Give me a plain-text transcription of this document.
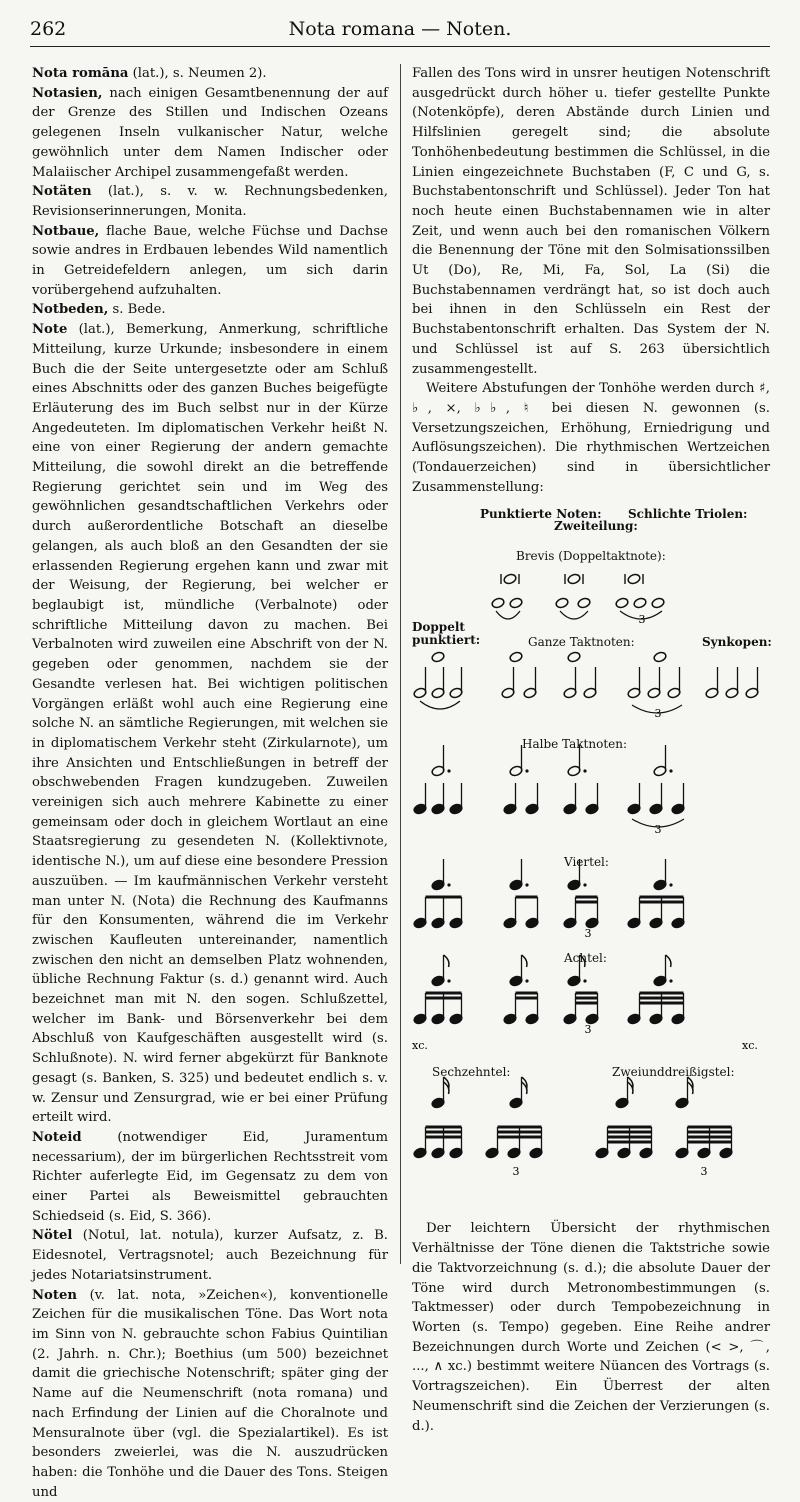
262	Nota romana — Noten.

Nota romāna (lat.), s. Neumen 2).

Notasien, nach einigen Gesamtbenennung der auf der Grenze des Stillen und Indischen Ozeans gelegenen Inseln vulkanischer Natur, welche gewöhnlich unter dem Namen Indischer oder Malaiischer Archipel zusammengefaßt werden.

Notäten (lat.), s. v. w. Rechnungsbedenken, Revisionserinnerungen, Monita.

Notbaue, flache Baue, welche Füchse und Dachse sowie andres in Erdbauen lebendes Wild namentlich in Getreidefeldern anlegen, um sich darin vorübergehend aufzuhalten.

Notbeden, s. Bede.

Note (lat.), Bemerkung, Anmerkung, schriftliche Mitteilung, kurze Urkunde; insbesondere in einem Buch die der Seite untergesetzte oder am Schluß eines Abschnitts oder des ganzen Buches beigefügte Erläuterung des im Buch selbst nur in der Kürze Angedeuteten. Im diplomatischen Verkehr heißt N. eine von einer Regierung der andern gemachte Mitteilung, die sowohl direkt an die betreffende Regierung gerichtet sein und im Weg des gewöhnlichen gesandtschaftlichen Verkehrs oder durch außerordentliche Botschaft an dieselbe gelangen, als auch bloß an den Gesandten der sie erlassenden Regierung ergehen kann und zwar mit der Weisung, der Regierung, bei welcher er beglaubigt ist, mündliche (Verbalnote) oder schriftliche Mitteilung davon zu machen. Bei Verbalnoten wird zuweilen eine Abschrift von der N. gegeben oder genommen, nachdem sie der Gesandte verlesen hat. Bei wichtigen politischen Vorgängen erläßt wohl auch eine Regierung eine solche N. an sämtliche Regierungen, mit welchen sie in diplomatischem Verkehr steht (Zirkularnote), um ihre Ansichten und Entschließungen in betreff der obschwebenden Fragen kundzugeben. Zuweilen vereinigen sich auch mehrere Kabinette zu einer gemeinsam oder doch in gleichem Wortlaut an eine Staatsregierung zu gesendeten N. (Kollektivnote, identische N.), um auf diese eine besondere Pression auszuüben. — Im kaufmännischen Verkehr versteht man unter N. (Nota) die Rechnung des Kaufmanns für den Konsumenten, während die im Verkehr zwischen Kaufleuten untereinander, namentlich zwischen den nicht an demselben Platz wohnenden, übliche Rechnung Faktur (s. d.) genannt wird. Auch bezeichnet man mit N. den sogen. Schlußzettel, welcher im Bank- und Börsenverkehr bei dem Abschluß von Kaufgeschäften ausgestellt wird (s. Schlußnote). N. wird ferner abgekürzt für Banknote gesagt (s. Banken, S. 325) und bedeutet endlich s. v. w. Zensur und Zensurgrad, wie er bei einer Prüfung erteilt wird.

Noteid (notwendiger Eid, Juramentum necessarium), der im bürgerlichen Rechtsstreit vom Richter auferlegte Eid, im Gegensatz zu dem von einer Partei als Beweismittel gebrauchten Schiedseid (s. Eid, S. 366).

Nötel (Notul, lat. notula), kurzer Aufsatz, z. B. Eidesnotel, Vertragsnotel; auch Bezeichnung für jedes Notariatsinstrument.

Noten (v. lat. nota, »Zeichen«), konventionelle Zeichen für die musikalischen Töne. Das Wort nota im Sinn von N. gebrauchte schon Fabius Quintilian (2. Jahrh. n. Chr.); Boethius (um 500) bezeichnet damit die griechische Notenschrift; später ging der Name auf die Neumenschrift (nota romana) und nach Erfindung der Linien auf die Choralnote und Mensuralnote über (vgl. die Spezialartikel). Es ist besonders zweierlei, was die N. auszudrücken haben: die Tonhöhe und die Dauer des Tons. Steigen und

Fallen des Tons wird in unsrer heutigen Notenschrift ausgedrückt durch höher u. tiefer gestellte Punkte (Notenköpfe), deren Abstände durch Linien und Hilfslinien geregelt sind; die absolute Tonhöhenbedeutung bestimmen die Schlüssel, in die Linien eingezeichnete Buchstaben (F, C und G, s. Buchstabentonschrift und Schlüssel). Jeder Ton hat noch heute einen Buchstabennamen wie in alter Zeit, und wenn auch bei den romanischen Völkern die Benennung der Töne mit den Solmisationssilben Ut (Do), Re, Mi, Fa, Sol, La (Si) die Buchstabennamen verdrängt hat, so ist doch auch bei ihnen in den Schlüsseln ein Rest der Buchstabentonschrift erhalten. Das System der N. und Schlüssel ist auf S. 263 übersichtlich zusammengestellt.

Weitere Abstufungen der Tonhöhe werden durch ♯, ♭, ×, ♭♭, ♮ bei diesen N. gewonnen (s. Versetzungszeichen, Erhöhung, Erniedrigung und Auflösungszeichen). Die rhythmischen Wertzeichen (Tondauerzeichen) sind in übersichtlicher Zusammenstellung:

3
3
3
3
3
xc.	xc.
3	3
Punktierte Noten:
Zweiteilung:
Schlichte Triolen:
Brevis (Doppeltaktnote):
Doppelt punktiert:	Ganze Taktnoten:	Synkopen:
Halbe Taktnoten:
Viertel:
Achtel:
Sechzehntel:	Zweiunddreißigstel:

Der leichtern Übersicht der rhythmischen Verhältnisse der Töne dienen die Taktstriche sowie die Taktvorzeichnung (s. d.); die absolute Dauer der Töne wird durch Metronombestimmungen (s. Taktmesser) oder durch Tempobezeichnung in Worten (s. Tempo) gegeben. Eine Reihe andrer Bezeichnungen durch Worte und Zeichen (< >, ⌒, ..., ∧ xc.) bestimmt weitere Nüancen des Vortrags (s. Vortragszeichen). Ein Überrest der alten Neumenschrift sind die Zeichen der Verzierungen (s. d.).
